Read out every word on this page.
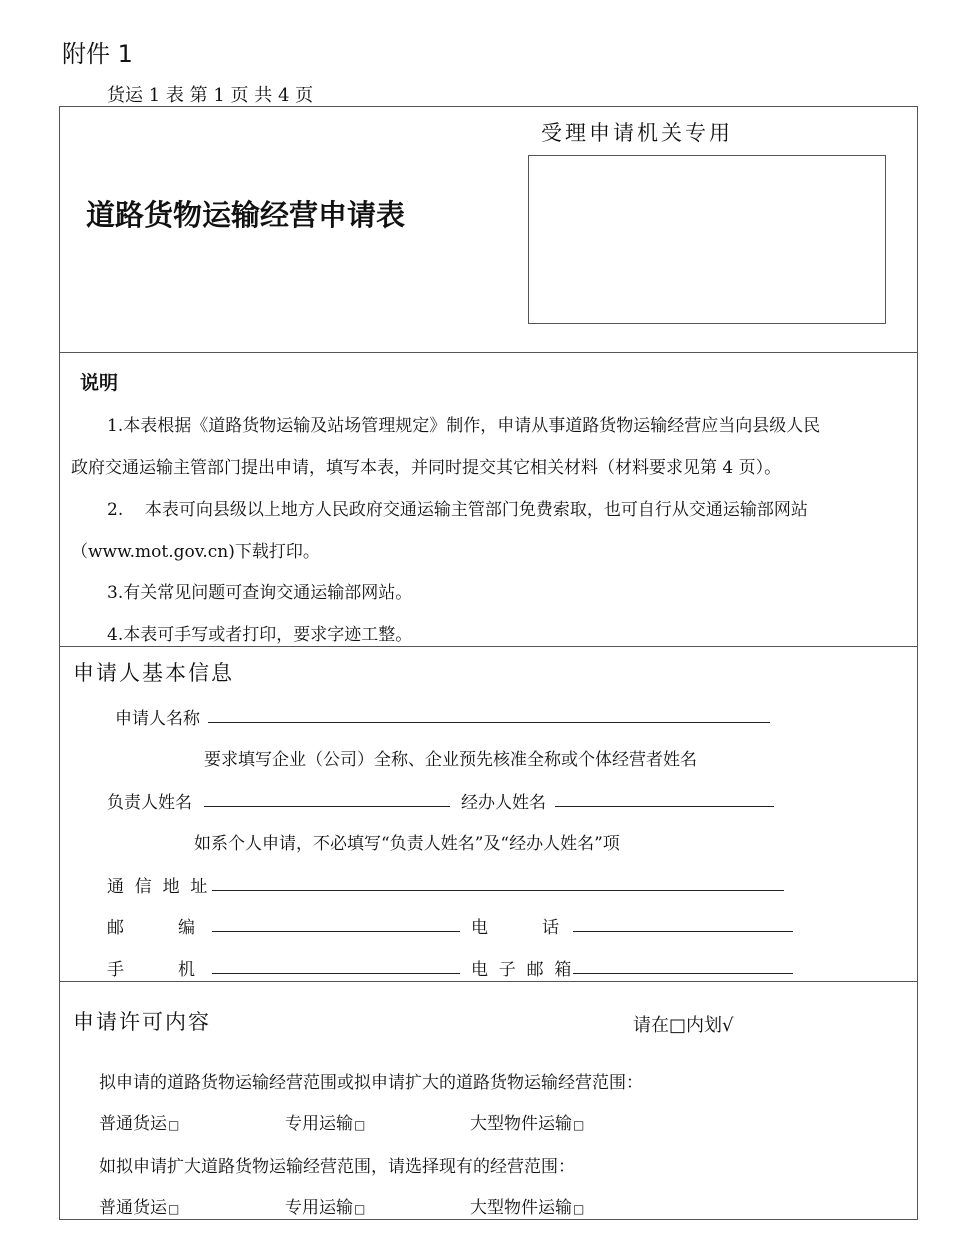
附件 1
货运 1 表 第 1 页 共 4 页
道路货物运输经营申请表
受理申请机关专用
说明
1.本表根据《道路货物运输及站场管理规定》制作，申请从事道路货物运输经营应当向县级人民
政府交通运输主管部门提出申请，填写本表，并同时提交其它相关材料（材料要求见第 4 页）。
2.    本表可向县级以上地方人民政府交通运输主管部门免费索取，也可自行从交通运输部网站
（www.mot.gov.cn)下载打印。
3.有关常见问题可查询交通运输部网站。
4.本表可手写或者打印，要求字迹工整。
申请人基本信息
申请人名称
要求填写企业（公司）全称、企业预先核准全称或个体经营者姓名
负责人姓名	经办人姓名
如系个人申请，不必填写“负责人姓名”及“经办人姓名”项
通  信  地  址
邮          编	电          话
手          机	电  子  邮  箱
申请许可内容	请在□内划√
拟申请的道路货物运输经营范围或拟申请扩大的道路货物运输经营范围：
普通货运□	专用运输□	大型物件运输□
如拟申请扩大道路货物运输经营范围，请选择现有的经营范围：
普通货运□	专用运输□	大型物件运输□
